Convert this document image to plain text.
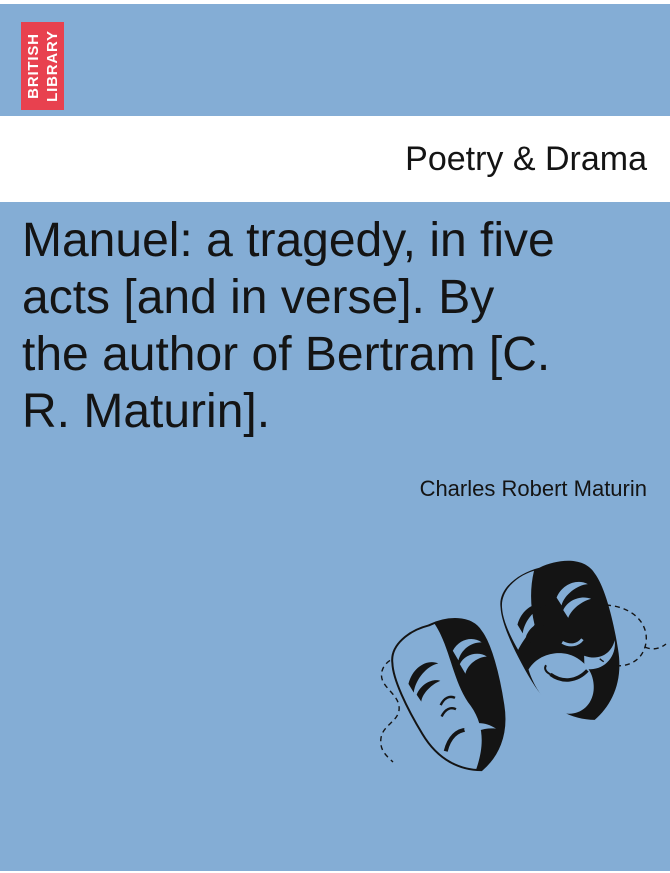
BRITISH LIBRARY
Poetry & Drama
Manuel: a tragedy, in five
acts [and in verse]. By
the author of Bertram [C.
R. Maturin].
Charles Robert Maturin
